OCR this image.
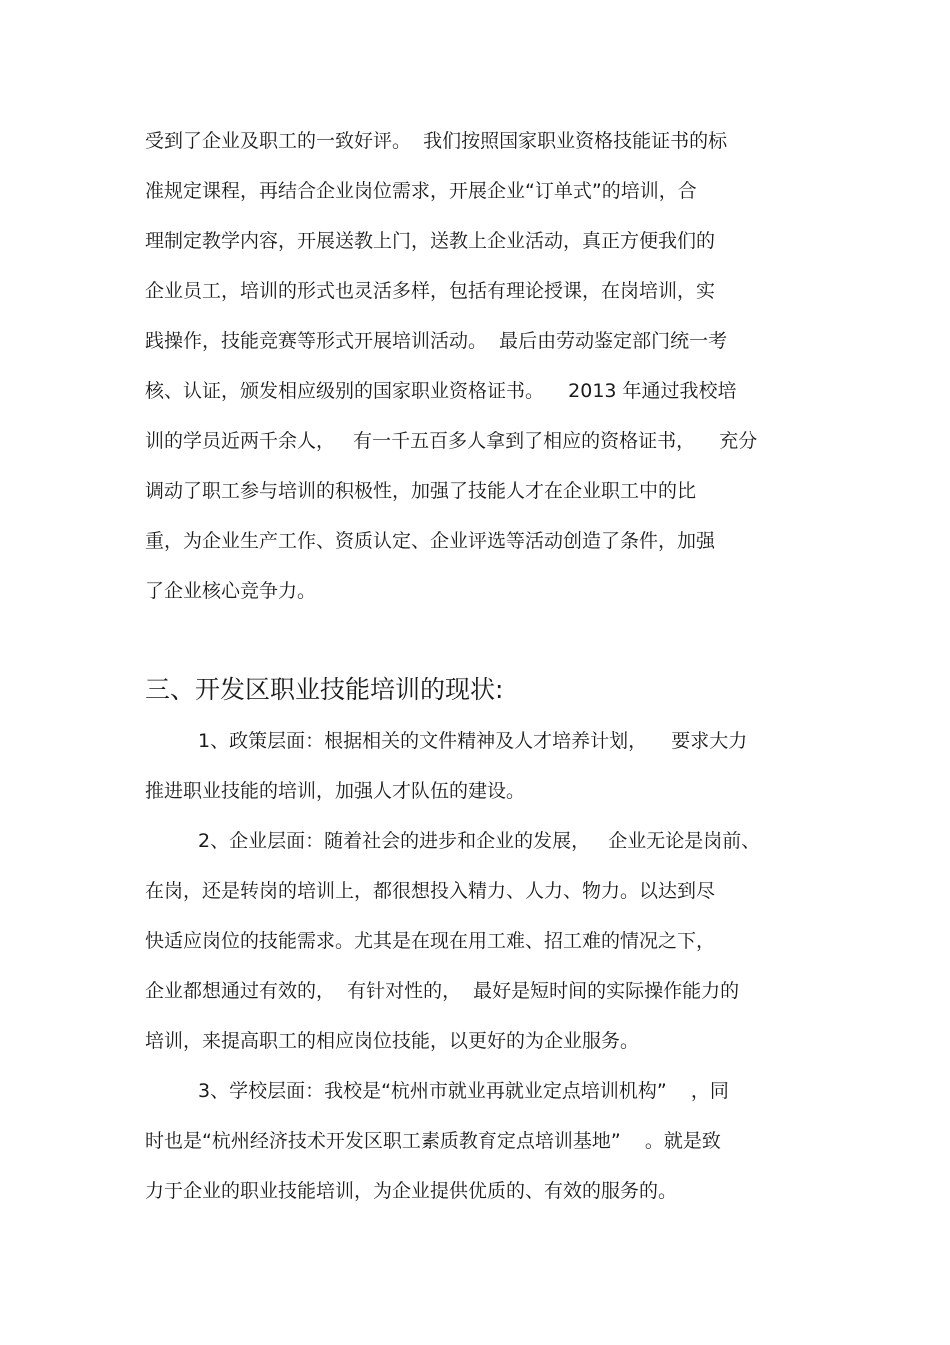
受到了企业及职工的一致好评。  我们按照国家职业资格技能证书的标
准规定课程，再结合企业岗位需求，开展企业“订单式”的培训，合
理制定教学内容，开展送教上门，送教上企业活动，真正方便我们的
企业员工，培训的形式也灵活多样，包括有理论授课，在岗培训，实
践操作，技能竞赛等形式开展培训活动。  最后由劳动鉴定部门统一考
核、认证，颁发相应级别的国家职业资格证书。    2013 年通过我校培
训的学员近两千余人，   有一千五百多人拿到了相应的资格证书，    充分
调动了职工参与培训的积极性，加强了技能人才在企业职工中的比
重，为企业生产工作、资质认定、企业评选等活动创造了条件，加强
了企业核心竞争力。
三、开发区职业技能培训的现状:
1、政策层面：根据相关的文件精神及人才培养计划，    要求大力
推进职业技能的培训，加强人才队伍的建设。
2、企业层面：随着社会的进步和企业的发展，   企业无论是岗前、
在岗，还是转岗的培训上，都很想投入精力、人力、物力。以达到尽
快适应岗位的技能需求。尤其是在现在用工难、招工难的情况之下，
企业都想通过有效的，  有针对性的，  最好是短时间的实际操作能力的
培训，来提高职工的相应岗位技能，以更好的为企业服务。
3、学校层面：我校是“杭州市就业再就业定点培训机构”    ，同
时也是“杭州经济技术开发区职工素质教育定点培训基地”    。就是致
力于企业的职业技能培训，为企业提供优质的、有效的服务的。
